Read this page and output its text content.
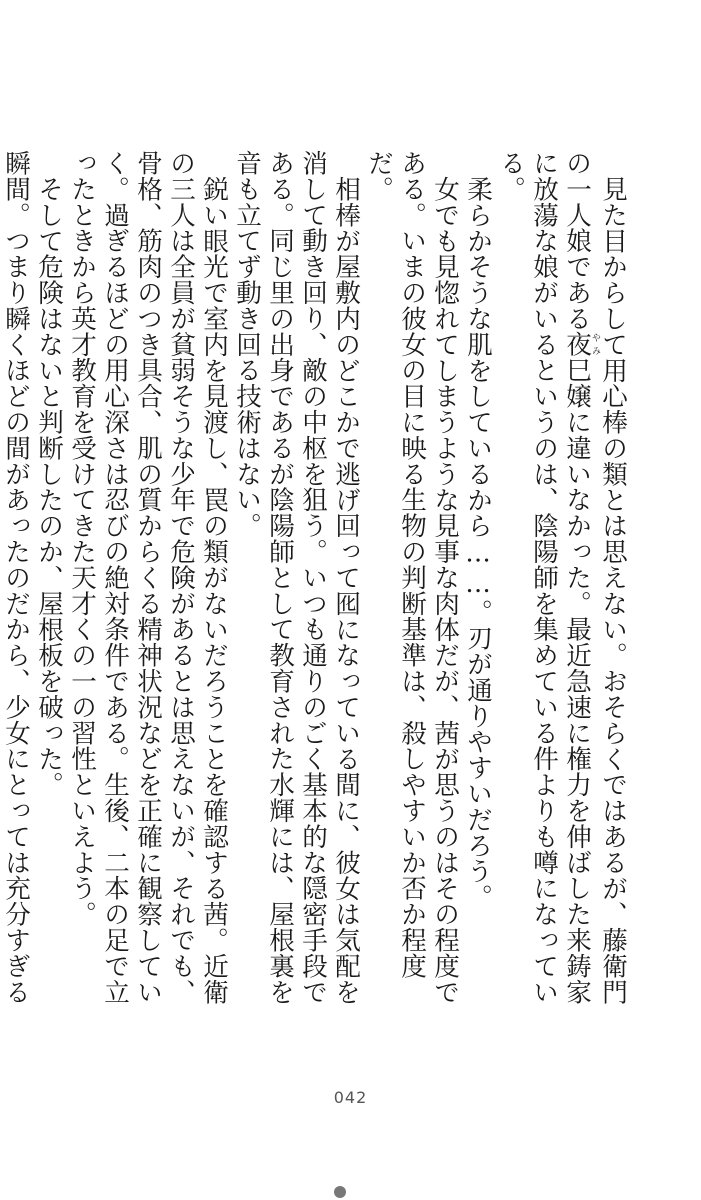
見た目からして用心棒の類とは思えない。おそらくではあるが、藤衛門の一人娘である夜やみ巳嬢に違いなかった。最近急速に権力を伸ばした来鋳家に放蕩な娘がいるというのは、陰陽師を集めている件よりも噂になっている。

柔らかそうな肌をしているから……。刃が通りやすいだろう。

女でも見惚れてしまうような見事な肉体だが、茜が思うのはその程度である。いまの彼女の目に映る生物の判断基準は、殺しやすいか否か程度だ。

相棒が屋敷内のどこかで逃げ回って囮になっている間に、彼女は気配を消して動き回り、敵の中枢を狙う。いつも通りのごく基本的な隠密手段である。同じ里の出身であるが陰陽師として教育された水輝には、屋根裏を音も立てず動き回る技術はない。

鋭い眼光で室内を見渡し、罠の類がないだろうことを確認する茜。近衛の三人は全員が貧弱そうな少年で危険があるとは思えないが、それでも、骨格、筋肉のつき具合、肌の質からくる精神状況などを正確に観察していく。過ぎるほどの用心深さは忍びの絶対条件である。生後、二本の足で立ったときから英才教育を受けてきた天才くの一の習性といえよう。

そして危険はないと判断したのか、屋根板を破った。

瞬間。つまり瞬くほどの間があったのだから、少女にとっては充分すぎる

042
